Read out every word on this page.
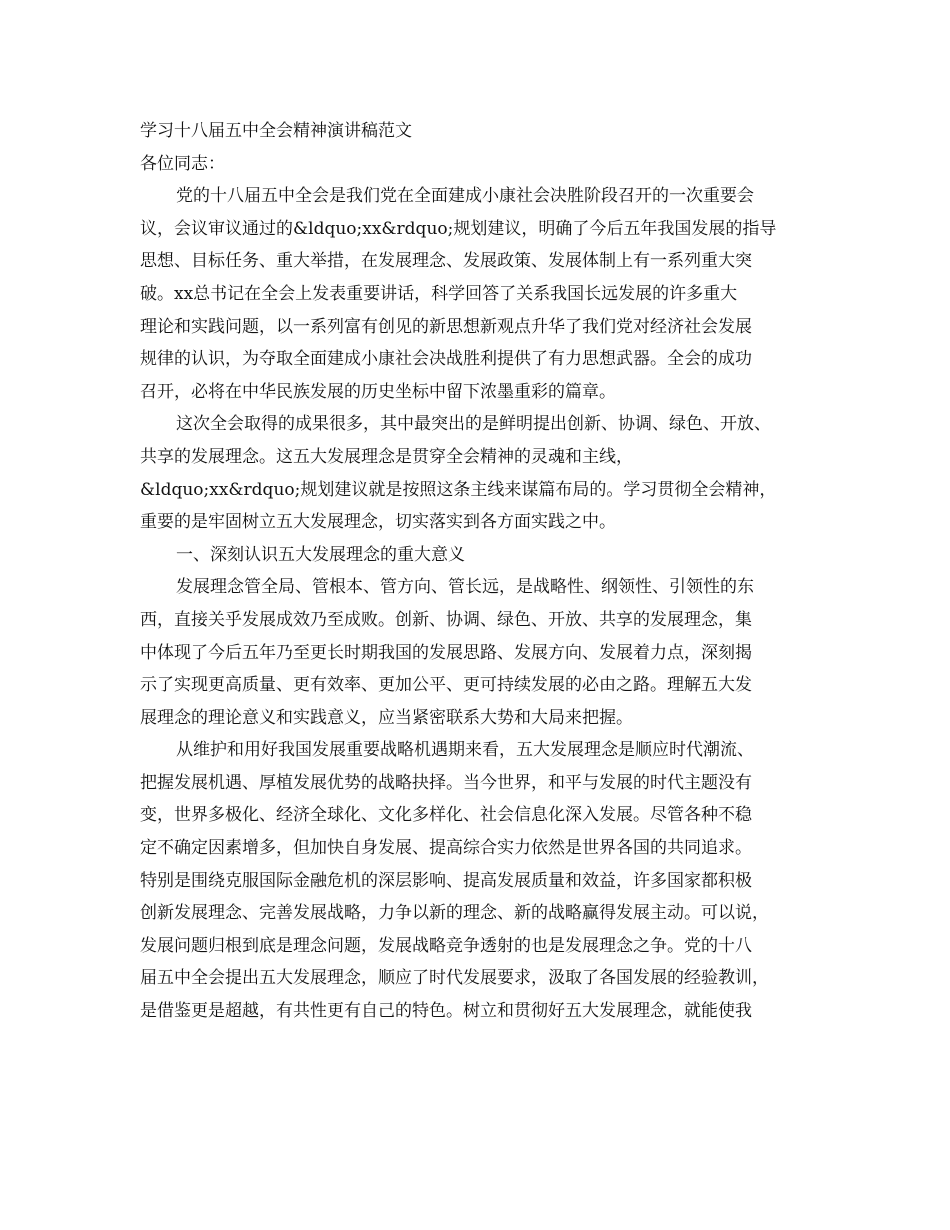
学习十八届五中全会精神演讲稿范文
各位同志：
党的十八届五中全会是我们党在全面建成小康社会决胜阶段召开的一次重要会
议，会议审议通过的&ldquo;xx&rdquo;规划建议，明确了今后五年我国发展的指导
思想、目标任务、重大举措，在发展理念、发展政策、发展体制上有一系列重大突
破。xx总书记在全会上发表重要讲话，科学回答了关系我国长远发展的许多重大
理论和实践问题，以一系列富有创见的新思想新观点升华了我们党对经济社会发展
规律的认识，为夺取全面建成小康社会决战胜利提供了有力思想武器。全会的成功
召开，必将在中华民族发展的历史坐标中留下浓墨重彩的篇章。
这次全会取得的成果很多，其中最突出的是鲜明提出创新、协调、绿色、开放、
共享的发展理念。这五大发展理念是贯穿全会精神的灵魂和主线，
&ldquo;xx&rdquo;规划建议就是按照这条主线来谋篇布局的。学习贯彻全会精神，
重要的是牢固树立五大发展理念，切实落实到各方面实践之中。
一、深刻认识五大发展理念的重大意义
发展理念管全局、管根本、管方向、管长远，是战略性、纲领性、引领性的东
西，直接关乎发展成效乃至成败。创新、协调、绿色、开放、共享的发展理念，集
中体现了今后五年乃至更长时期我国的发展思路、发展方向、发展着力点，深刻揭
示了实现更高质量、更有效率、更加公平、更可持续发展的必由之路。理解五大发
展理念的理论意义和实践意义，应当紧密联系大势和大局来把握。
从维护和用好我国发展重要战略机遇期来看，五大发展理念是顺应时代潮流、
把握发展机遇、厚植发展优势的战略抉择。当今世界，和平与发展的时代主题没有
变，世界多极化、经济全球化、文化多样化、社会信息化深入发展。尽管各种不稳
定不确定因素增多，但加快自身发展、提高综合实力依然是世界各国的共同追求。
特别是围绕克服国际金融危机的深层影响、提高发展质量和效益，许多国家都积极
创新发展理念、完善发展战略，力争以新的理念、新的战略赢得发展主动。可以说，
发展问题归根到底是理念问题，发展战略竞争透射的也是发展理念之争。党的十八
届五中全会提出五大发展理念，顺应了时代发展要求，汲取了各国发展的经验教训，
是借鉴更是超越，有共性更有自己的特色。树立和贯彻好五大发展理念，就能使我
